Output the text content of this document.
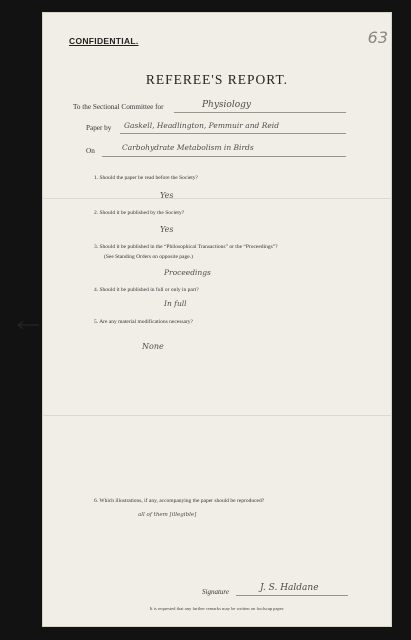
63
CONFIDENTIAL.
REFEREE'S REPORT.
To the Sectional Committee for	Physiology
Paper by Gaskell, Headlington, Pemmuir and Reid
On	Carbohydrate Metabolism in Birds
1. Should the paper be read before the Society?
Yes
2. Should it be published by the Society?
Yes
3. Should it be published in the “Philosophical Transactions” or the “Proceedings”?
(See Standing Orders on opposite page.)
Proceedings
4. Should it be published in full or only in part?
In full
5. Are any material modifications necessary?
None
6. Which illustrations, if any, accompanying the paper should be reproduced?
all of them [illegible]
Signature	J. S. Haldane
It is requested that any further remarks may be written on foolscap paper.
